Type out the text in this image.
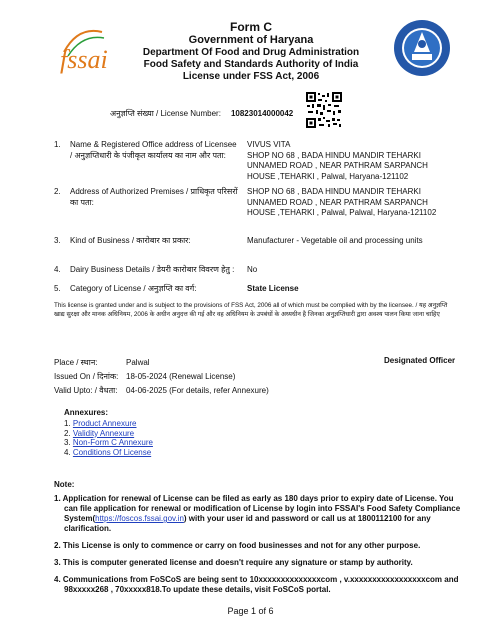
fssai
Form C
Government of Haryana
Department Of Food and Drug Administration
Food Safety and Standards Authority of India
License under FSS Act, 2006
अनुज्ञप्ति संख्या / License Number: 10823014000042
1. Name & Registered Office address of Licensee / अनुज्ञप्तिधारी के पंजीकृत कार्यालय का नाम और पता:
VIVUS VITA
SHOP NO 68 , BADA HINDU MANDIR TEHARKI UNNAMED ROAD , NEAR PATHRAM SARPANCH HOUSE ,TEHARKI , Palwal, Haryana-121102
2. Address of Authorized Premises / प्राधिकृत परिसरों का पता:
SHOP NO 68 , BADA HINDU MANDIR TEHARKI UNNAMED ROAD , NEAR PATHRAM SARPANCH HOUSE ,TEHARKI , Palwal, Palwal, Haryana-121102
3. Kind of Business / कारोबार का प्रकार:	Manufacturer - Vegetable oil and processing units
4. Dairy Business Details / डेयरी कारोबार विवरण हेतु :	No
5. Category of License / अनुज्ञप्ति का वर्ग:	State License
This license is granted under and is subject to the provisions of FSS Act, 2006 all of which must be complied with by the licensee. / यह अनुज्ञप्ति खाद्य सुरक्षा और मानक अधिनियम, 2006 के अधीन अनुदत्त की गई और वह अधिनियम के उपबंधों के अध्यधीन है जिनका अनुज्ञप्तिधारी द्वारा अवश्य पालन किया जाना चाहिए
Place / स्थान:	Palwal
Issued On / दिनांक: 18-05-2024 (Renewal License)
Valid Upto: / वैधता:	04-06-2025 (For details, refer Annexure)
Designated Officer
Annexures:
1. Product Annexure
2. Validity Annexure
3. Non-Form C Annexure
4. Conditions Of License
Note:
1. Application for renewal of License can be filed as early as 180 days prior to expiry date of License. You can file application for renewal or modification of License by login into FSSAI's Food Safety Compliance System(https://foscos.fssai.gov.in) with your user id and password or call us at 1800112100 for any clarification.
2. This License is only to commence or carry on food businesses and not for any other purpose.
3. This is computer generated license and doesn't require any signature or stamp by authority.
4. Communications from FoSCoS are being sent to 10xxxxxxxxxxxxxxcom , v.xxxxxxxxxxxxxxxxxcom and 98xxxxx268 , 70xxxxx818.To update these details, visit FoSCoS portal.
Page 1 of 6
